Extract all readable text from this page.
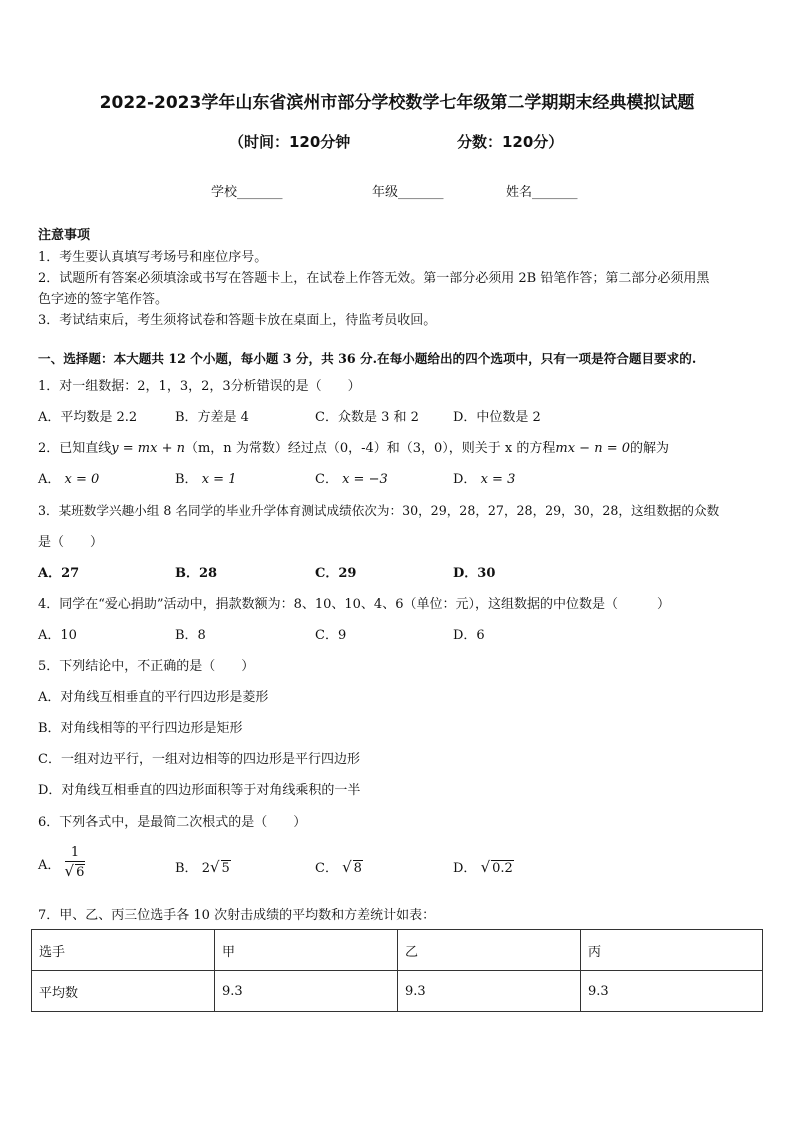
2022-2023学年山东省滨州市部分学校数学七年级第二学期期末经典模拟试题
（时间：120分钟	分数：120分）
学校_______	年级_______	姓名_______
注意事项
1．考生要认真填写考场号和座位序号。
2．试题所有答案必须填涂或书写在答题卡上，在试卷上作答无效。第一部分必须用 2B 铅笔作答；第二部分必须用黑
色字迹的签字笔作答。
3．考试结束后，考生须将试卷和答题卡放在桌面上，待监考员收回。
一、选择题：本大题共 12 个小题，每小题 3 分，共 36 分.在每小题给出的四个选项中，只有一项是符合题目要求的.
1．对一组数据：2，1，3，2，3分析错误的是（　　）
A．平均数是 2.2	B．方差是 4	C．众数是 3 和 2	D．中位数是 2
2．已知直线y = mx + n（m，n 为常数）经过点（0，-4）和（3，0），则关于 x 的方程mx − n = 0的解为
A． x = 0	B． x = 1	C． x = −3	D． x = 3
3．某班数学兴趣小组 8 名同学的毕业升学体育测试成绩依次为：30，29，28，27，28，29，30，28，这组数据的众数
是（　　）
A．27	B．28	C．29	D．30
4．同学在“爱心捐助”活动中，捐款数额为：8、10、10、4、6（单位：元），这组数据的中位数是（　　　）
A．10	B．8	C．9	D．6
5．下列结论中，不正确的是（　　）
A．对角线互相垂直的平行四边形是菱形
B．对角线相等的平行四边形是矩形
C．一组对边平行，一组对边相等的四边形是平行四边形
D．对角线互相垂直的四边形面积等于对角线乘积的一半
6．下列各式中，是最简二次根式的是（　　）
A． $\frac{1}{√ 6}$	B． 2√ 5	C． √ 8	D． √ 0.2
7．甲、乙、丙三位选手各 10 次射击成绩的平均数和方差统计如表：
选手	甲	乙	丙
平均数	9.3	9.3	9.3
